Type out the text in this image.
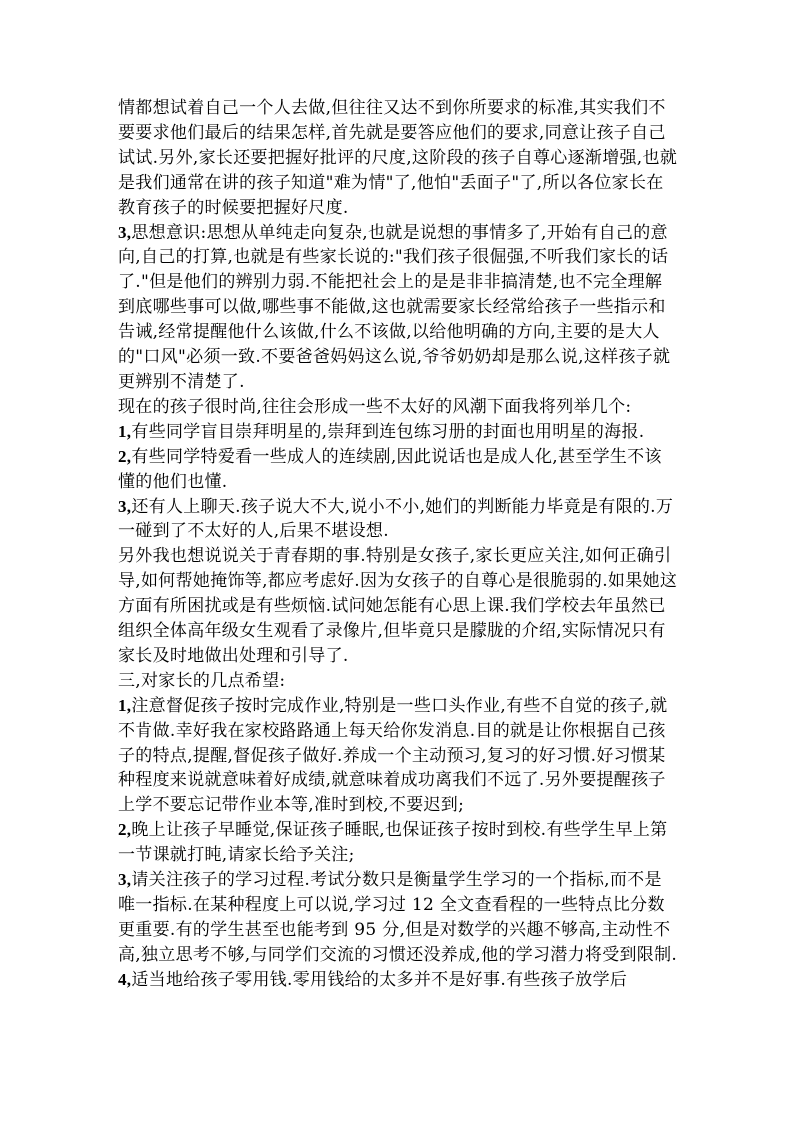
情都想试着自己一个人去做,但往往又达不到你所要求的标准,其实我们不要要求他们最后的结果怎样,首先就是要答应他们的要求,同意让孩子自己试试.另外,家长还要把握好批评的尺度,这阶段的孩子自尊心逐渐增强,也就是我们通常在讲的孩子知道"难为情"了,他怕"丢面子"了,所以各位家长在教育孩子的时候要把握好尺度.

3,思想意识:思想从单纯走向复杂,也就是说想的事情多了,开始有自己的意向,自己的打算,也就是有些家长说的:"我们孩子很倔强,不听我们家长的话了."但是他们的辨别力弱.不能把社会上的是是非非搞清楚,也不完全理解到底哪些事可以做,哪些事不能做,这也就需要家长经常给孩子一些指示和告诫,经常提醒他什么该做,什么不该做,以给他明确的方向,主要的是大人的"口风"必须一致.不要爸爸妈妈这么说,爷爷奶奶却是那么说,这样孩子就更辨别不清楚了.

现在的孩子很时尚,往往会形成一些不太好的风潮下面我将列举几个:

1,有些同学盲目崇拜明星的,崇拜到连包练习册的封面也用明星的海报.

2,有些同学特爱看一些成人的连续剧,因此说话也是成人化,甚至学生不该懂的他们也懂.

3,还有人上聊天.孩子说大不大,说小不小,她们的判断能力毕竟是有限的.万一碰到了不太好的人,后果不堪设想.

另外我也想说说关于青春期的事.特别是女孩子,家长更应关注,如何正确引导,如何帮她掩饰等,都应考虑好.因为女孩子的自尊心是很脆弱的.如果她这方面有所困扰或是有些烦恼.试问她怎能有心思上课.我们学校去年虽然已组织全体高年级女生观看了录像片,但毕竟只是朦胧的介绍,实际情况只有家长及时地做出处理和引导了.

三,对家长的几点希望:

1,注意督促孩子按时完成作业,特别是一些口头作业,有些不自觉的孩子,就不肯做.幸好我在家校路路通上每天给你发消息.目的就是让你根据自己孩子的特点,提醒,督促孩子做好.养成一个主动预习,复习的好习惯.好习惯某种程度来说就意味着好成绩,就意味着成功离我们不远了.另外要提醒孩子上学不要忘记带作业本等,准时到校,不要迟到;

2,晚上让孩子早睡觉,保证孩子睡眠,也保证孩子按时到校.有些学生早上第一节课就打盹,请家长给予关注;

3,请关注孩子的学习过程.考试分数只是衡量学生学习的一个指标,而不是唯一指标.在某种程度上可以说,学习过 12 全文查看程的一些特点比分数更重要.有的学生甚至也能考到 95 分,但是对数学的兴趣不够高,主动性不高,独立思考不够,与同学们交流的习惯还没养成,他的学习潜力将受到限制.

4,适当地给孩子零用钱.零用钱给的太多并不是好事.有些孩子放学后
